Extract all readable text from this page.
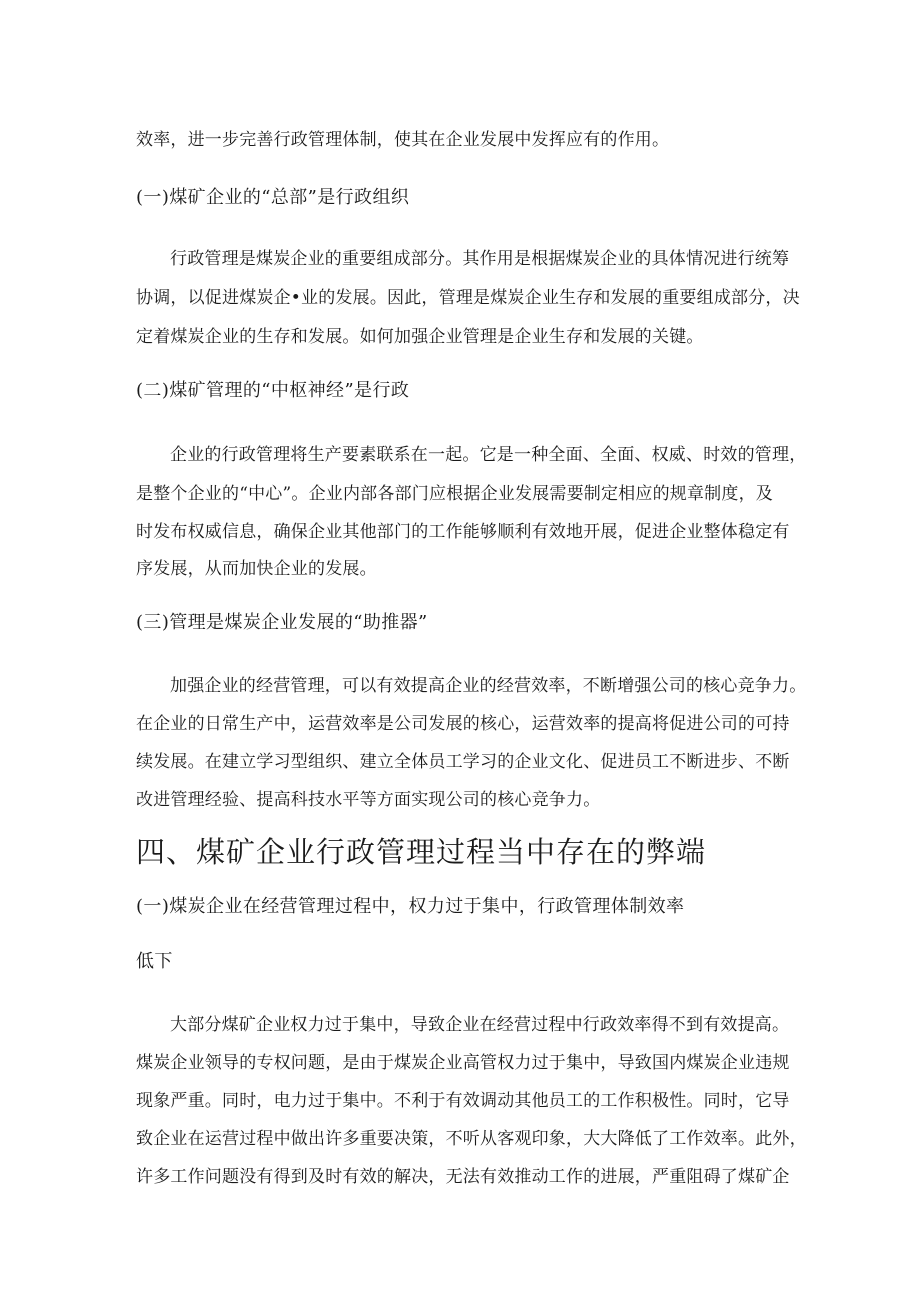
效率，进一步完善行政管理体制，使其在企业发展中发挥应有的作用。
(一)煤矿企业的“总部”是行政组织
行政管理是煤炭企业的重要组成部分。其作用是根据煤炭企业的具体情况进行统筹
协调，以促进煤炭企•业的发展。因此，管理是煤炭企业生存和发展的重要组成部分，决
定着煤炭企业的生存和发展。如何加强企业管理是企业生存和发展的关键。
(二)煤矿管理的“中枢神经”是行政
企业的行政管理将生产要素联系在一起。它是一种全面、全面、权威、时效的管理，
是整个企业的“中心”。企业内部各部门应根据企业发展需要制定相应的规章制度，及
时发布权威信息，确保企业其他部门的工作能够顺利有效地开展，促进企业整体稳定有
序发展，从而加快企业的发展。
(三)管理是煤炭企业发展的“助推器”
加强企业的经营管理，可以有效提高企业的经营效率，不断增强公司的核心竞争力。
在企业的日常生产中，运营效率是公司发展的核心，运营效率的提高将促进公司的可持
续发展。在建立学习型组织、建立全体员工学习的企业文化、促进员工不断进步、不断
改进管理经验、提高科技水平等方面实现公司的核心竞争力。
四、煤矿企业行政管理过程当中存在的弊端
(一)煤炭企业在经营管理过程中，权力过于集中，行政管理体制效率
低下
大部分煤矿企业权力过于集中，导致企业在经营过程中行政效率得不到有效提高。
煤炭企业领导的专权问题，是由于煤炭企业高管权力过于集中，导致国内煤炭企业违规
现象严重。同时，电力过于集中。不利于有效调动其他员工的工作积极性。同时，它导
致企业在运营过程中做出许多重要决策，不听从客观印象，大大降低了工作效率。此外，
许多工作问题没有得到及时有效的解决，无法有效推动工作的进展，严重阻碍了煤矿企
